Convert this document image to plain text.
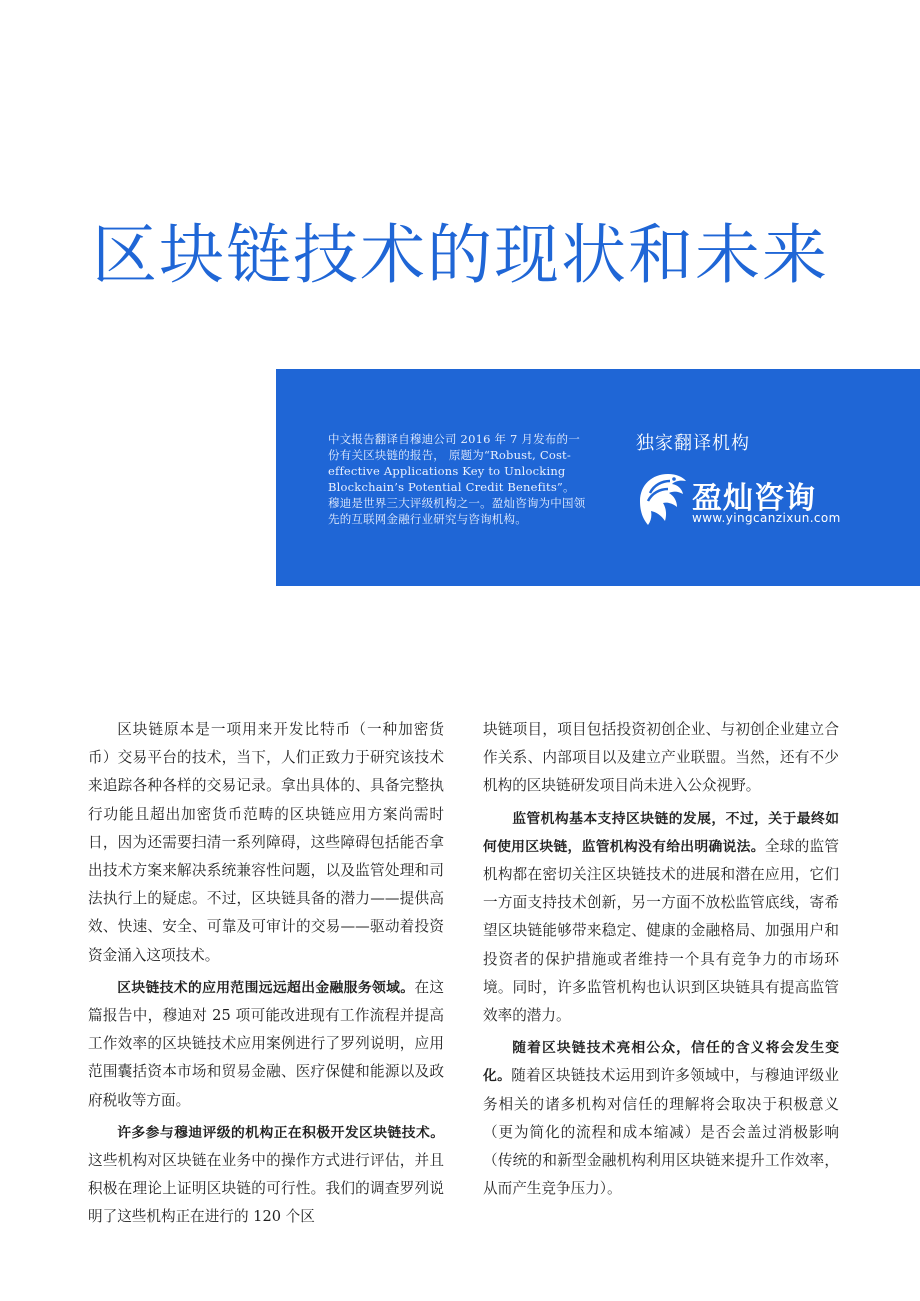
区块链技术的现状和未来

中文报告翻译自穆迪公司 2016 年 7 月发布的一份有关区块链的报告， 原题为“Robust, Cost-effective Applications Key to Unlocking Blockchain’s Potential Credit Benefits”。 穆迪是世界三大评级机构之一。盈灿咨询为中国领先的互联网金融行业研究与咨询机构。

独家翻译机构
盈灿咨询
www.yingcanzixun.com

区块链原本是一项用来开发比特币（一种加密货币）交易平台的技术，当下，人们正致力于研究该技术来追踪各种各样的交易记录。拿出具体的、具备完整执行功能且超出加密货币范畴的区块链应用方案尚需时日，因为还需要扫清一系列障碍，这些障碍包括能否拿出技术方案来解决系统兼容性问题，以及监管处理和司法执行上的疑虑。不过，区块链具备的潜力——提供高效、快速、安全、可靠及可审计的交易——驱动着投资资金涌入这项技术。

区块链技术的应用范围远远超出金融服务领域。在这篇报告中，穆迪对 25 项可能改进现有工作流程并提高工作效率的区块链技术应用案例进行了罗列说明，应用范围囊括资本市场和贸易金融、医疗保健和能源以及政府税收等方面。

许多参与穆迪评级的机构正在积极开发区块链技术。这些机构对区块链在业务中的操作方式进行评估，并且积极在理论上证明区块链的可行性。我们的调查罗列说明了这些机构正在进行的 120 个区

块链项目，项目包括投资初创企业、与初创企业建立合作关系、内部项目以及建立产业联盟。当然，还有不少机构的区块链研发项目尚未进入公众视野。

监管机构基本支持区块链的发展，不过，关于最终如何使用区块链，监管机构没有给出明确说法。全球的监管机构都在密切关注区块链技术的进展和潜在应用，它们一方面支持技术创新，另一方面不放松监管底线，寄希望区块链能够带来稳定、健康的金融格局、加强用户和投资者的保护措施或者维持一个具有竞争力的市场环境。同时，许多监管机构也认识到区块链具有提高监管效率的潜力。

随着区块链技术亮相公众，信任的含义将会发生变化。随着区块链技术运用到许多领域中，与穆迪评级业务相关的诸多机构对信任的理解将会取决于积极意义（更为简化的流程和成本缩减）是否会盖过消极影响（传统的和新型金融机构利用区块链来提升工作效率，从而产生竞争压力）。
